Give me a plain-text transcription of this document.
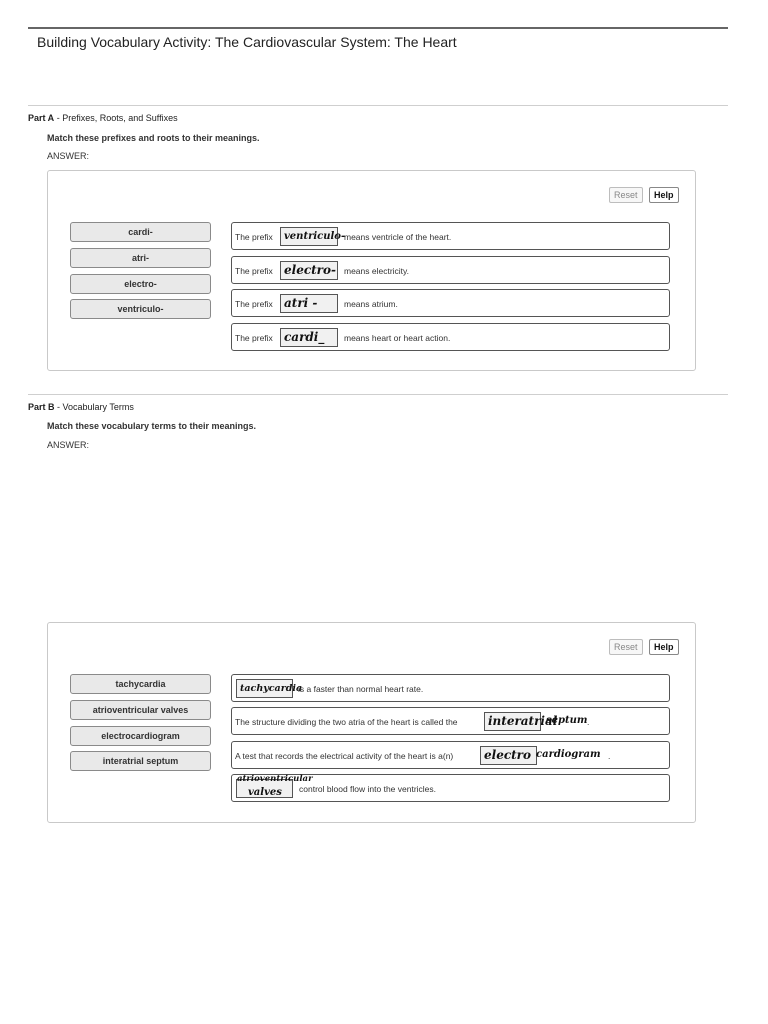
Building Vocabulary Activity: The Cardiovascular System: The Heart
Part A - Prefixes, Roots, and Suffixes
Match these prefixes and roots to their meanings.
ANSWER:
Reset	Help
cardi-
atri-
electro-
ventriculo-
The prefix	ventriculo-
means ventricle of the heart.
The prefix electro- means electricity.
The prefix atri -	means atrium.
The prefix cardi_	means heart or heart action.
Part B - Vocabulary Terms
Match these vocabulary terms to their meanings.
ANSWER:
Reset	Help
tachycardia
atrioventricular valves
electrocardiogram
interatrial septum
tachycardia
is a faster than normal heart rate.
The structure dividing the two atria of the heart is called the	interatrial
septum .
A test that records the electrical activity of the heart is a(n)	electro cardiogram .
atrioventricular
valves control blood flow into the ventricles.
